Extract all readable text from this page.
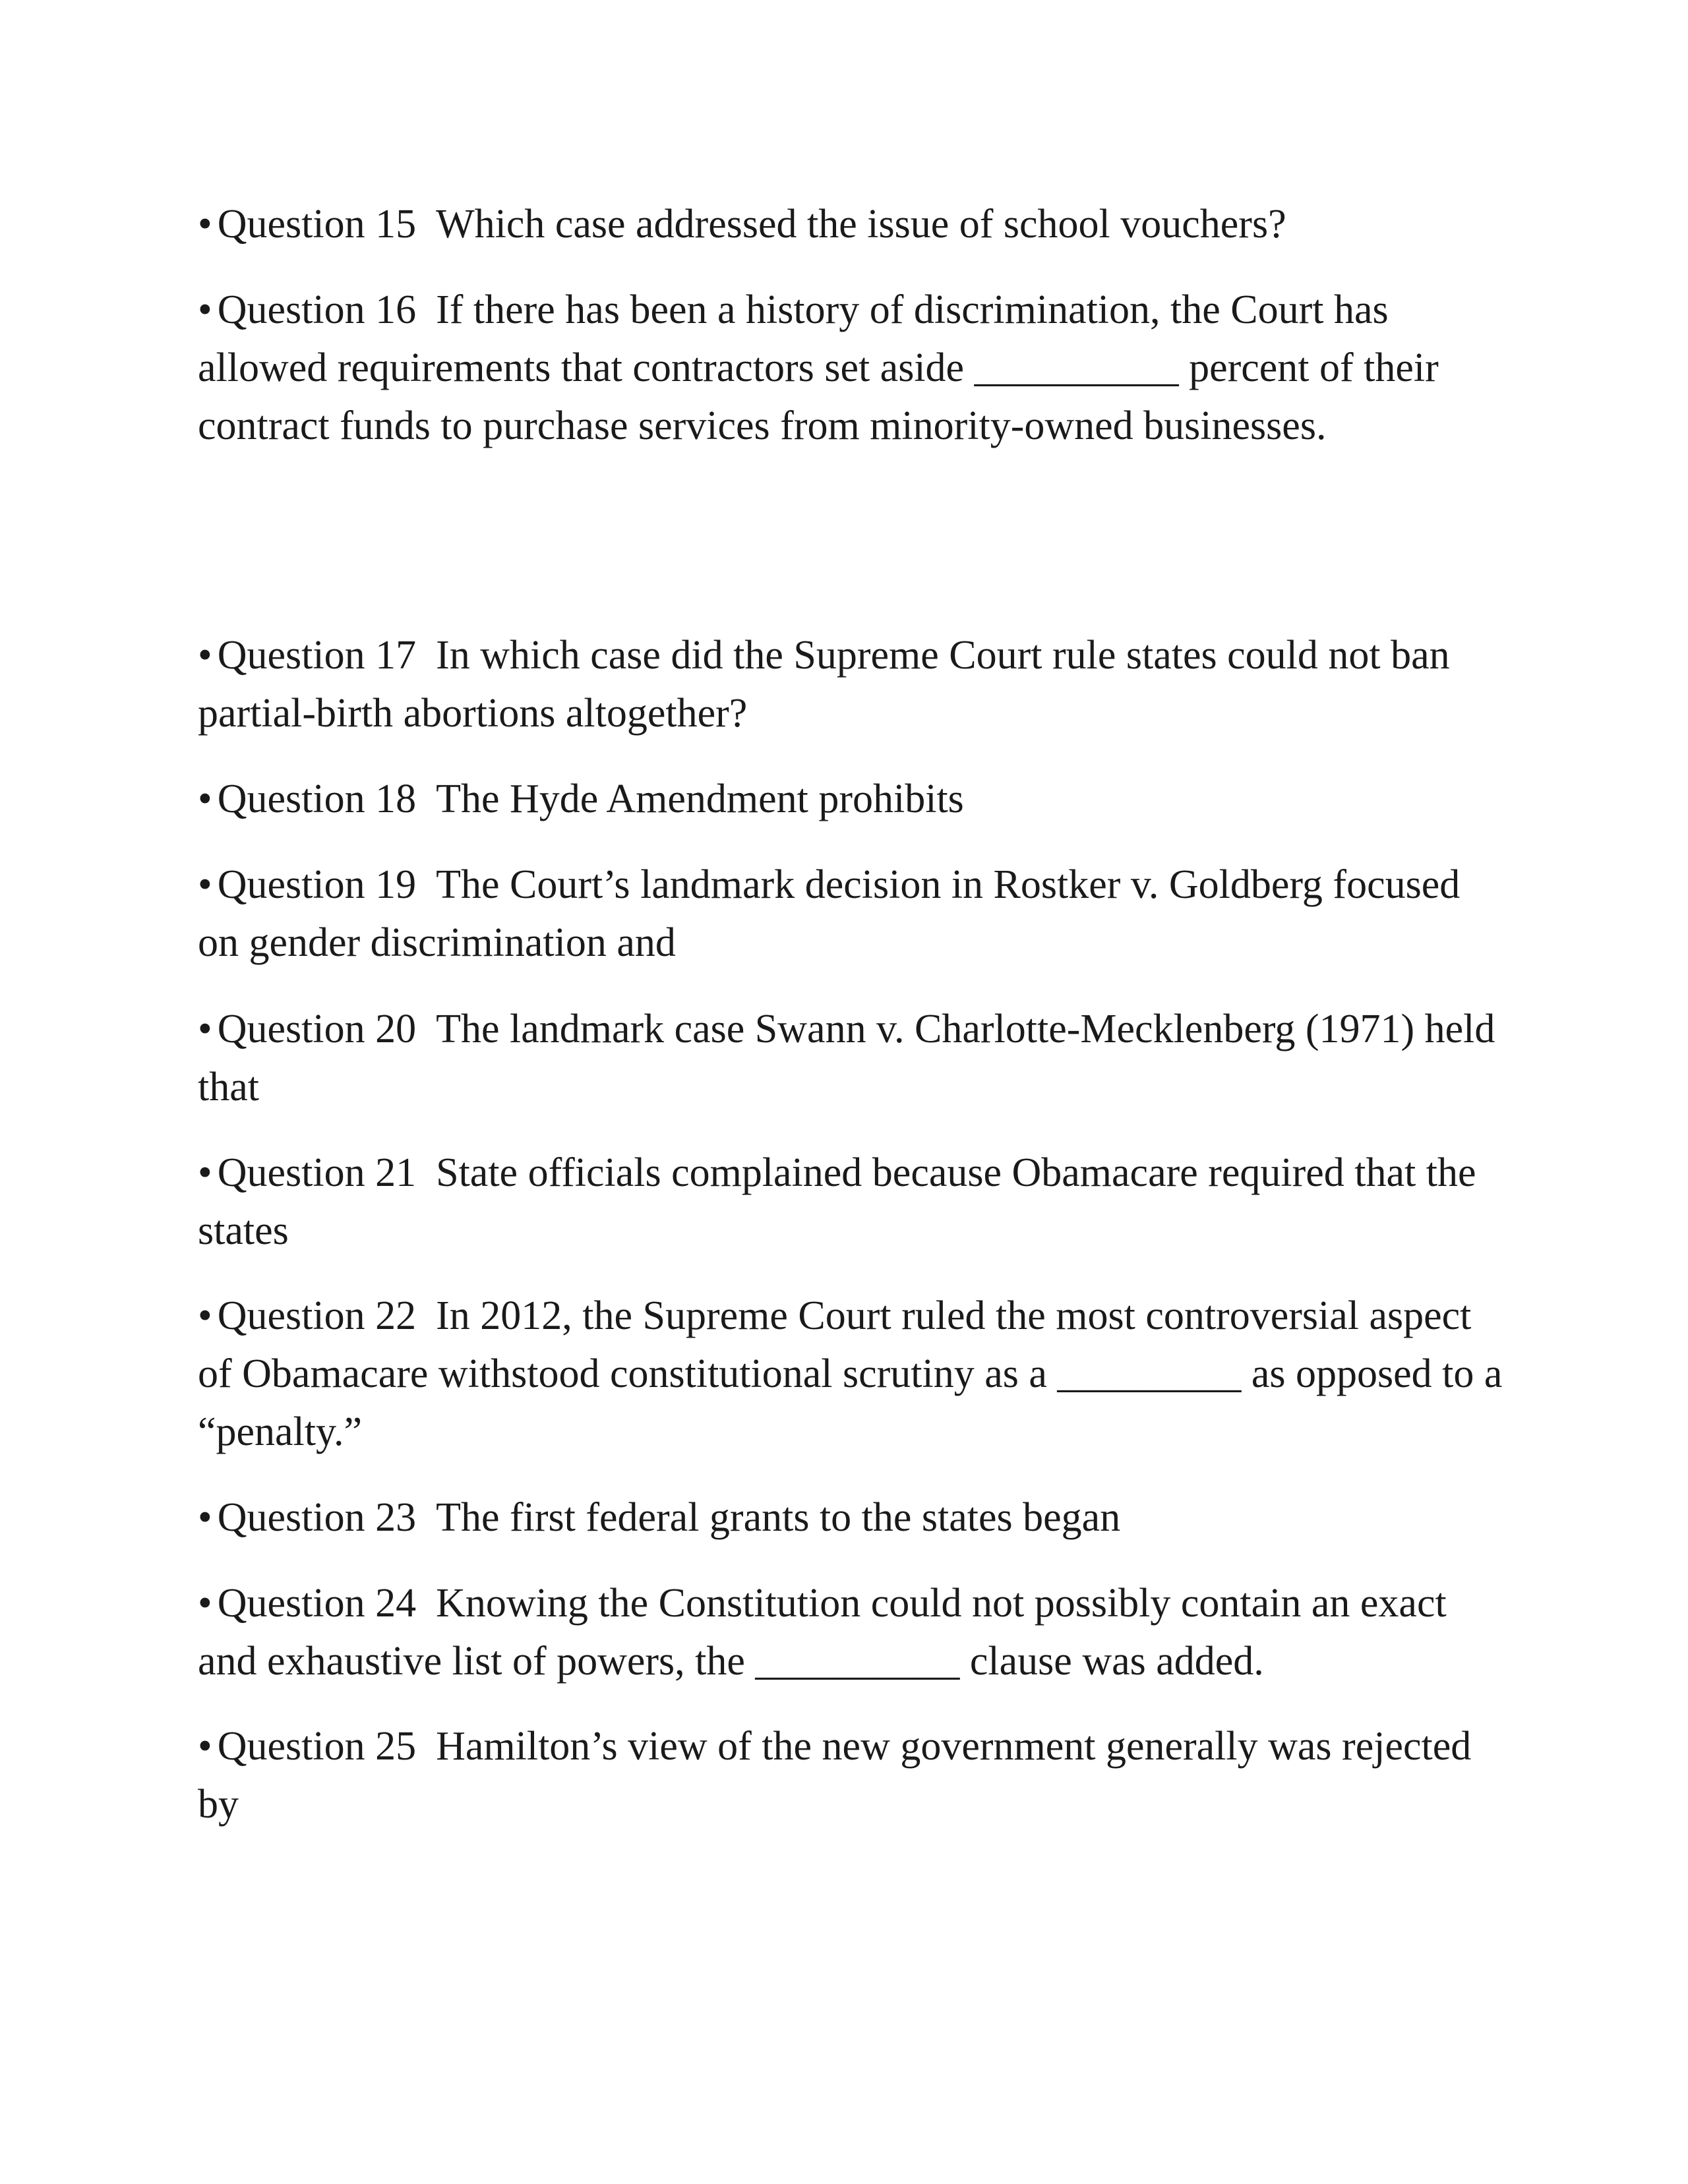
• Question 15 Which case addressed the issue of school vouchers?

• Question 16 If there has been a history of discrimination, the Court has allowed requirements that contractors set aside __________ percent of their contract funds to purchase services from minority-owned businesses.

• Question 17 In which case did the Supreme Court rule states could not ban partial-birth abortions altogether?

• Question 18 The Hyde Amendment prohibits

• Question 19 The Court’s landmark decision in Rostker v. Goldberg focused on gender discrimination and

• Question 20 The landmark case Swann v. Charlotte-Mecklenberg (1971) held that

• Question 21 State officials complained because Obamacare required that the states

• Question 22 In 2012, the Supreme Court ruled the most controversial aspect of Obamacare withstood constitutional scrutiny as a _________ as opposed to a “penalty.”

• Question 23 The first federal grants to the states began

• Question 24 Knowing the Constitution could not possibly contain an exact and exhaustive list of powers, the __________ clause was added.

• Question 25 Hamilton’s view of the new government generally was rejected by
